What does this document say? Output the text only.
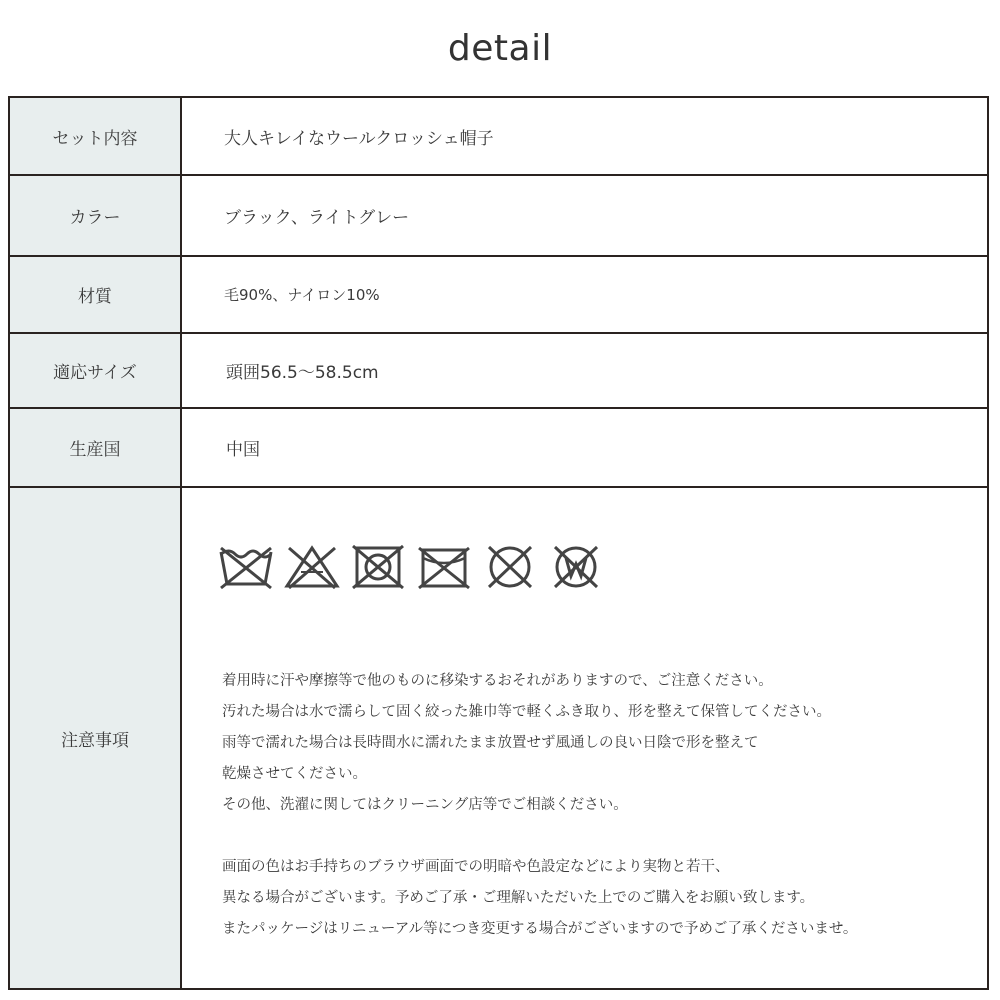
detail
セット内容	大人キレイなウールクロッシェ帽子
カラー	ブラック、ライトグレー
材質	毛90%、ナイロン10%
適応サイズ	頭囲56.5〜58.5cm
生産国	中国
注意事項

着用時に汗や摩擦等で他のものに移染するおそれがありますので、ご注意ください。

汚れた場合は水で濡らして固く絞った雑巾等で軽くふき取り、形を整えて保管してください。

雨等で濡れた場合は長時間水に濡れたまま放置せず風通しの良い日陰で形を整えて

乾燥させてください。

その他、洗濯に関してはクリーニング店等でご相談ください。

画面の色はお手持ちのブラウザ画面での明暗や色設定などにより実物と若干、

異なる場合がございます。予めご了承・ご理解いただいた上でのご購入をお願い致します。

またパッケージはリニューアル等につき変更する場合がございますので予めご了承くださいませ。
